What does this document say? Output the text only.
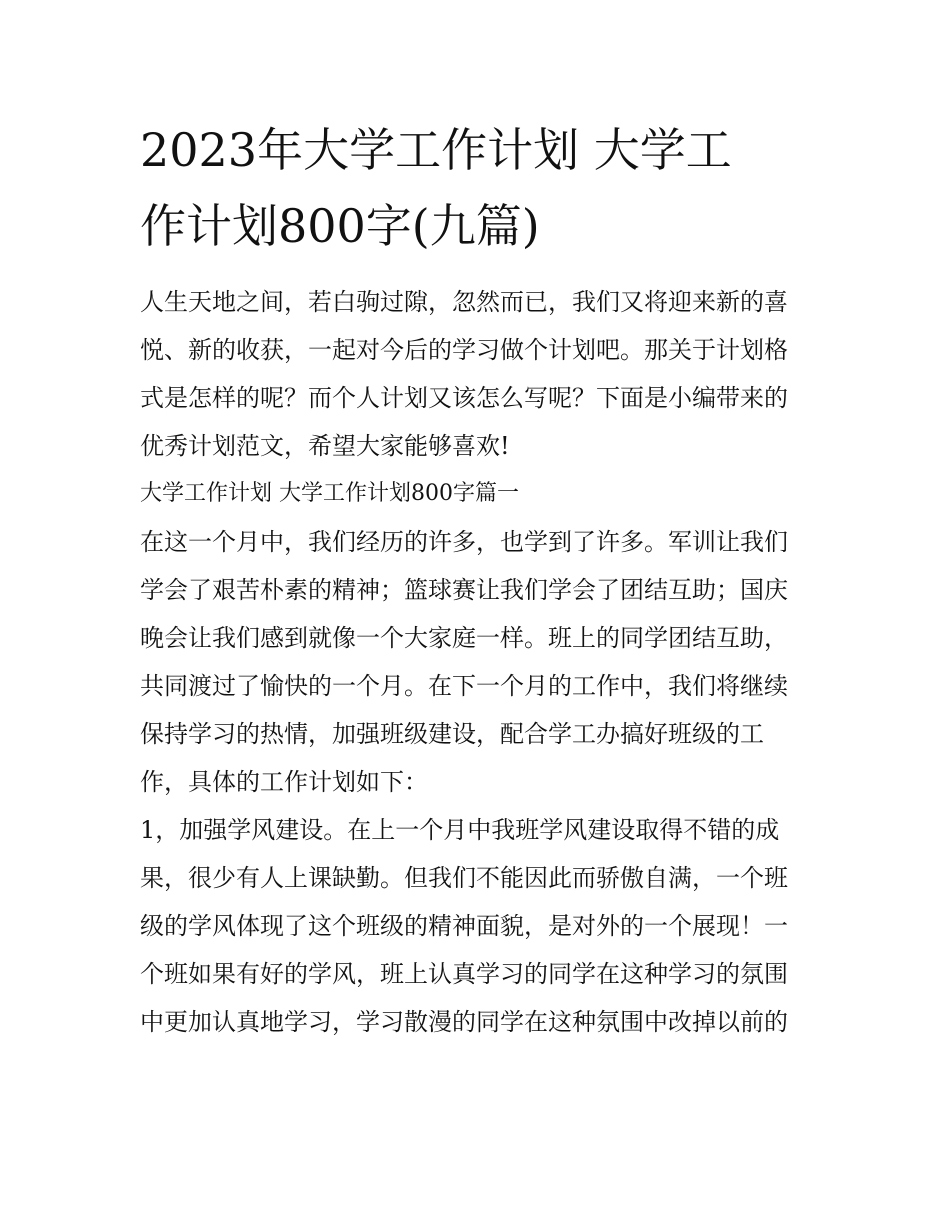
2023年大学工作计划 大学工
作计划800字(九篇)
人生天地之间，若白驹过隙，忽然而已，我们又将迎来新的喜
悦、新的收获，一起对今后的学习做个计划吧。那关于计划格
式是怎样的呢？而个人计划又该怎么写呢？下面是小编带来的
优秀计划范文，希望大家能够喜欢!
大学工作计划 大学工作计划800字篇一
在这一个月中，我们经历的许多，也学到了许多。军训让我们
学会了艰苦朴素的精神；篮球赛让我们学会了团结互助；国庆
晚会让我们感到就像一个大家庭一样。班上的同学团结互助，
共同渡过了愉快的一个月。在下一个月的工作中，我们将继续
保持学习的热情，加强班级建设，配合学工办搞好班级的工
作，具体的工作计划如下：
1，加强学风建设。在上一个月中我班学风建设取得不错的成
果，很少有人上课缺勤。但我们不能因此而骄傲自满，一个班
级的学风体现了这个班级的精神面貌，是对外的一个展现！一
个班如果有好的学风，班上认真学习的同学在这种学习的氛围
中更加认真地学习，学习散漫的同学在这种氛围中改掉以前的
